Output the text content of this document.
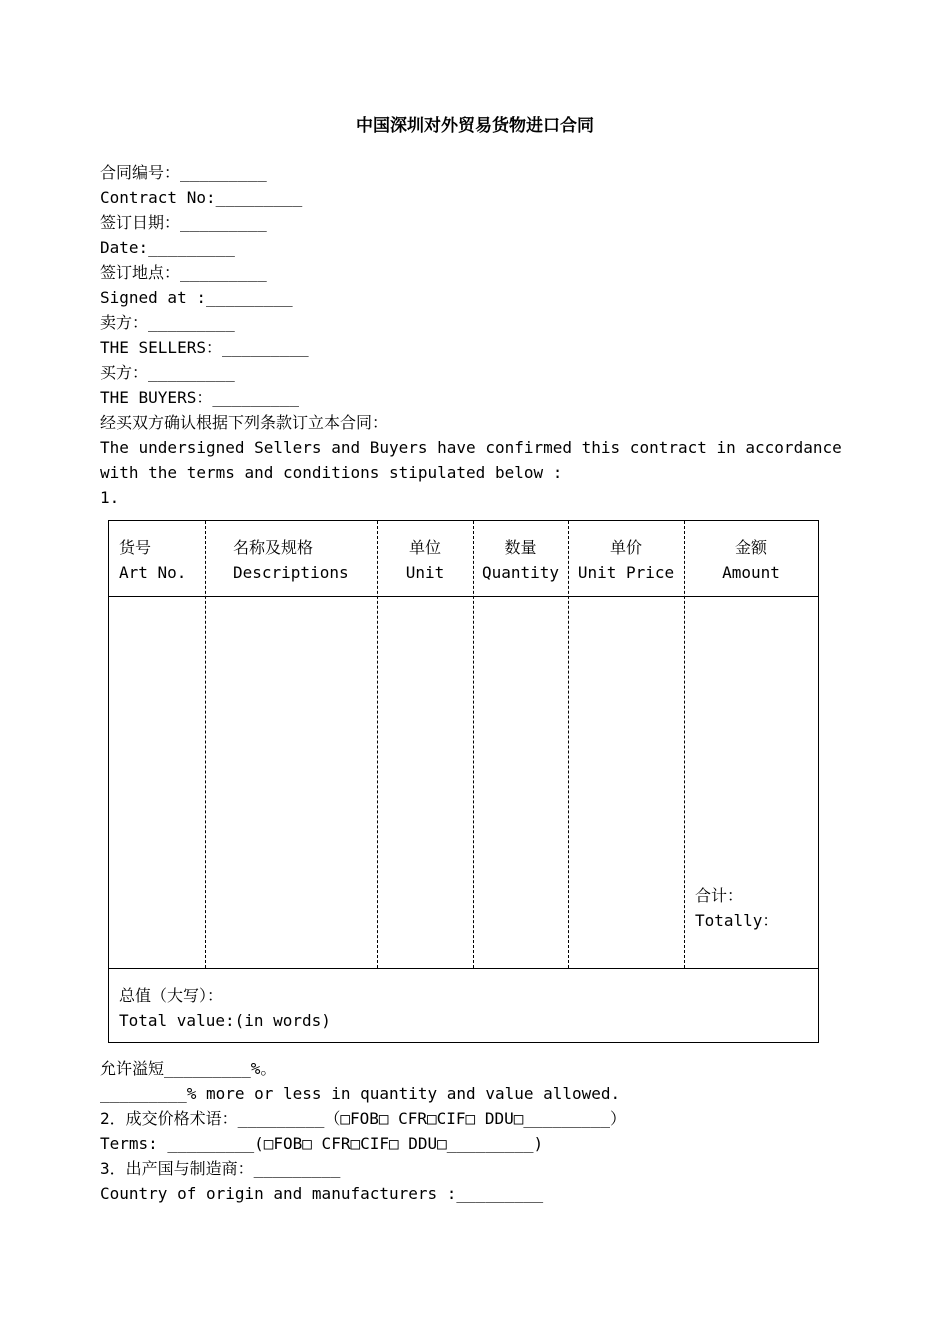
中国深圳对外贸易货物进口合同
合同编号：_________
Contract No:_________
签订日期：_________
Date:_________
签订地点：_________
Signed at :_________
卖方：_________
THE SELLERS：_________
买方：_________
THE BUYERS：_________
经买双方确认根据下列条款订立本合同：
The undersigned Sellers and Buyers have confirmed this contract in accordance
with the terms and conditions stipulated below :
1.
货号
Art No.
名称及规格
Descriptions
单位
Unit
数量
Quantity
单价
Unit Price
金额
Amount
合计：
Totally：
总值（大写）：
Total value:(in words)
允许溢短_________%。
_________% more or less in quantity and value allowed.
2．成交价格术语：_________（□FOB□ CFR□CIF□ DDU□_________）
Terms: _________(□FOB□ CFR□CIF□ DDU□_________)
3．出产国与制造商：_________
Country of origin and manufacturers :_________
